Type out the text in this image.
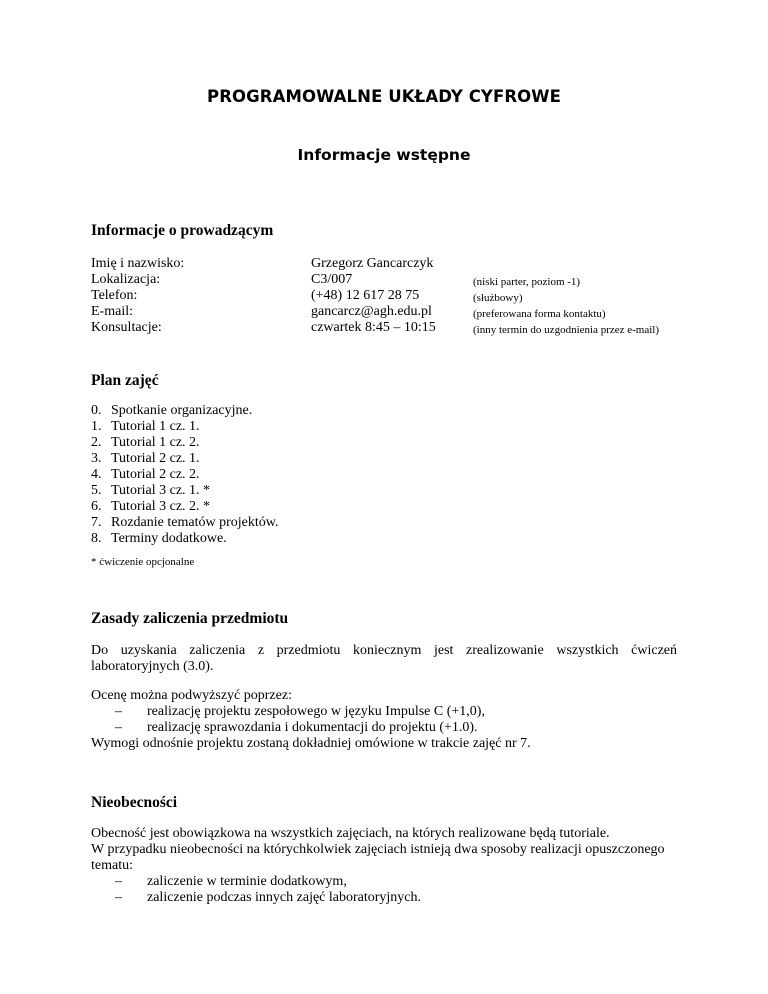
PROGRAMOWALNE UKŁADY CYFROWE
Informacje wstępne
Informacje o prowadzącym
Imię i nazwisko:	Grzegorz Gancarczyk
Lokalizacja:	C3/007	(niski parter, poziom -1)
Telefon:	(+48) 12 617 28 75	(służbowy)
E-mail:	gancarcz@agh.edu.pl	(preferowana forma kontaktu)
Konsultacje:	czwartek 8:45 – 10:15	(inny termin do uzgodnienia przez e-mail)
Plan zajęć
0. Spotkanie organizacyjne.
1. Tutorial 1 cz. 1.
2. Tutorial 1 cz. 2.
3. Tutorial 2 cz. 1.
4. Tutorial 2 cz. 2.
5. Tutorial 3 cz. 1. *
6. Tutorial 3 cz. 2. *
7. Rozdanie tematów projektów.
8. Terminy dodatkowe.
* ćwiczenie opcjonalne
Zasady zaliczenia przedmiotu
Do uzyskania zaliczenia z przedmiotu koniecznym jest zrealizowanie wszystkich ćwiczeń
laboratoryjnych (3.0).
Ocenę można podwyższyć poprzez:
– realizację projektu zespołowego w języku Impulse C (+1,0),
– realizację sprawozdania i dokumentacji do projektu (+1.0).
Wymogi odnośnie projektu zostaną dokładniej omówione w trakcie zajęć nr 7.
Nieobecności
Obecność jest obowiązkowa na wszystkich zajęciach, na których realizowane będą tutoriale.
W przypadku nieobecności na którychkolwiek zajęciach istnieją dwa sposoby realizacji opuszczonego
tematu:
– zaliczenie w terminie dodatkowym,
– zaliczenie podczas innych zajęć laboratoryjnych.
